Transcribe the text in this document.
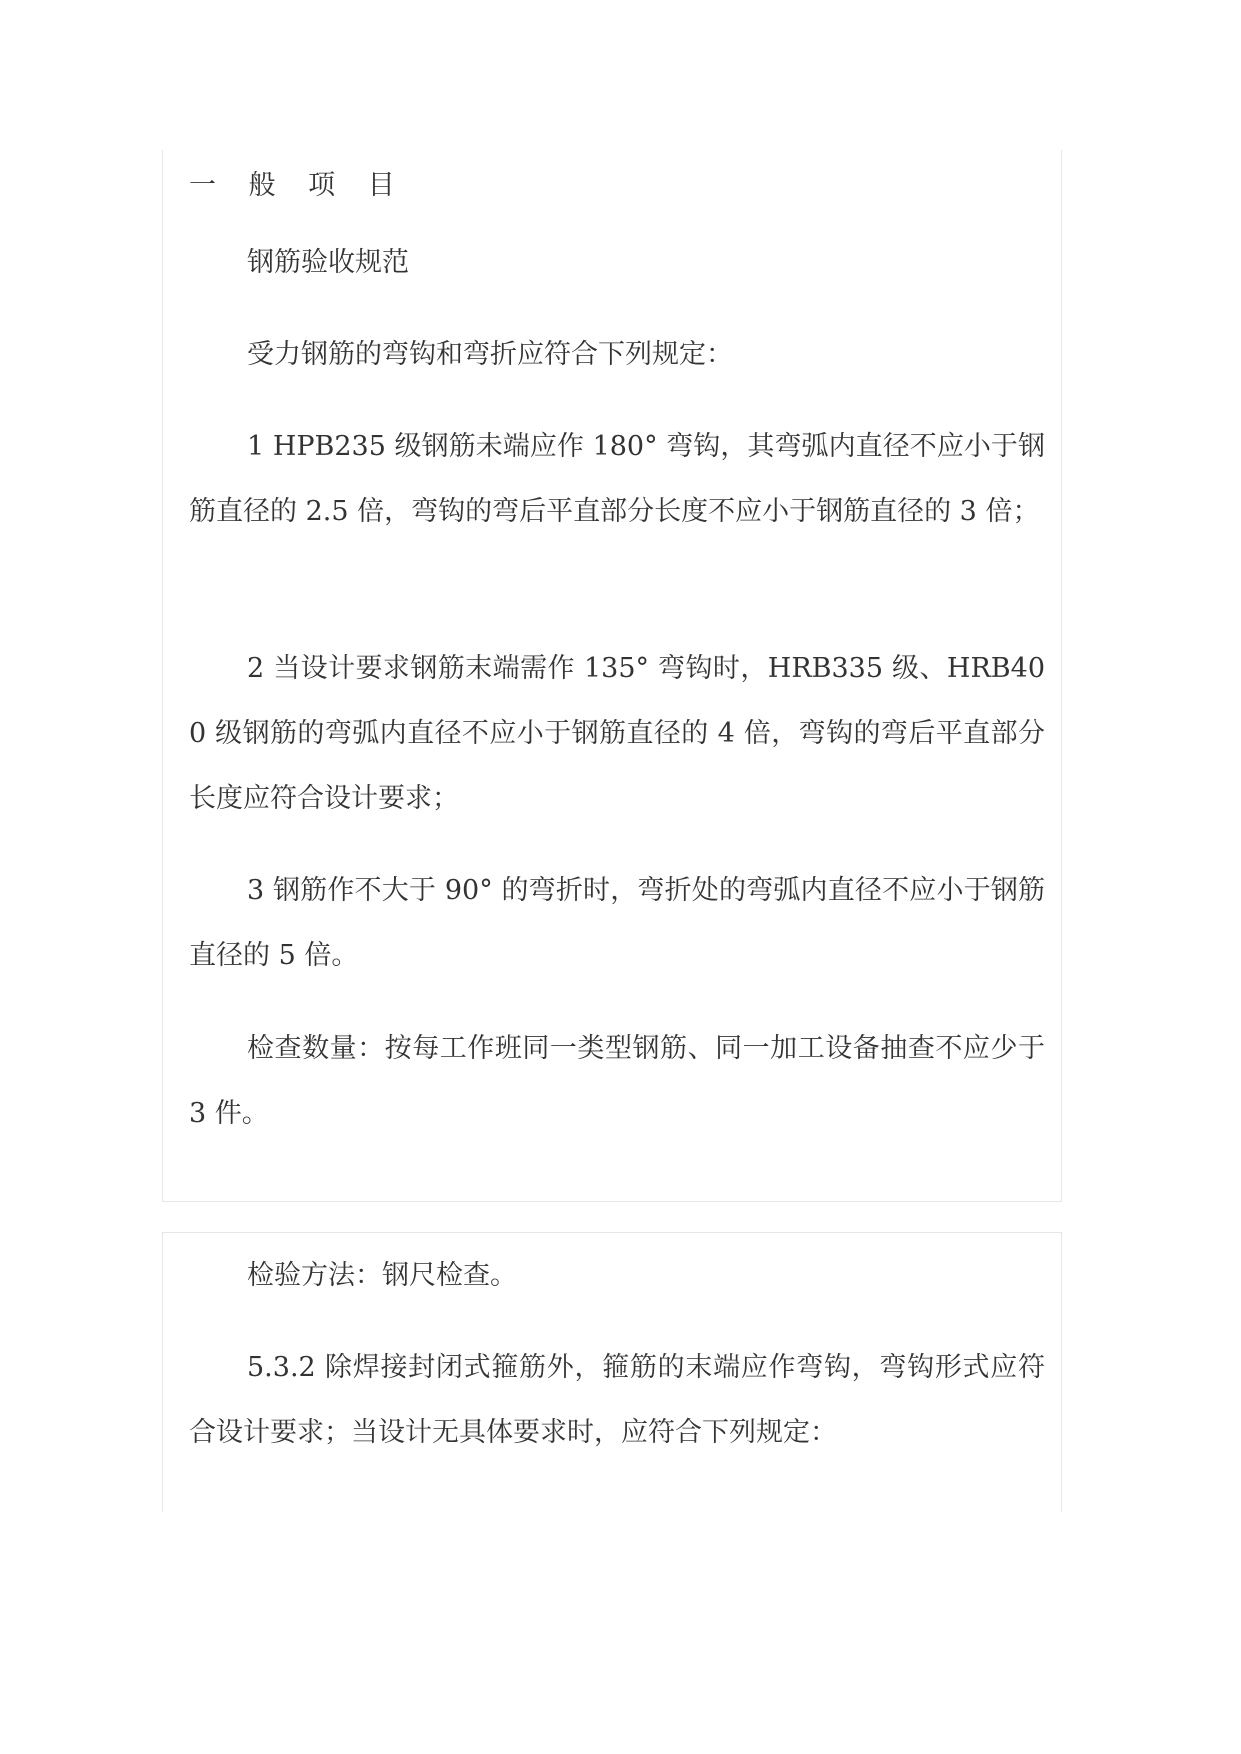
一 般 项 目

钢筋验收规范

受力钢筋的弯钩和弯折应符合下列规定：

1 HPB235 级钢筋未端应作 180° 弯钩，其弯弧内直径不应小于钢筋直径的 2.5 倍，弯钩的弯后平直部分长度不应小于钢筋直径的 3 倍；

2 当设计要求钢筋末端需作 135° 弯钩时，HRB335 级、HRB400 级钢筋的弯弧内直径不应小于钢筋直径的 4 倍，弯钩的弯后平直部分长度应符合设计要求；

3 钢筋作不大于 90° 的弯折时，弯折处的弯弧内直径不应小于钢筋直径的 5 倍。

检查数量：按每工作班同一类型钢筋、同一加工设备抽查不应少于 3 件。

检验方法：钢尺检查。

5.3.2 除焊接封闭式箍筋外，箍筋的末端应作弯钩，弯钩形式应符合设计要求；当设计无具体要求时，应符合下列规定：
